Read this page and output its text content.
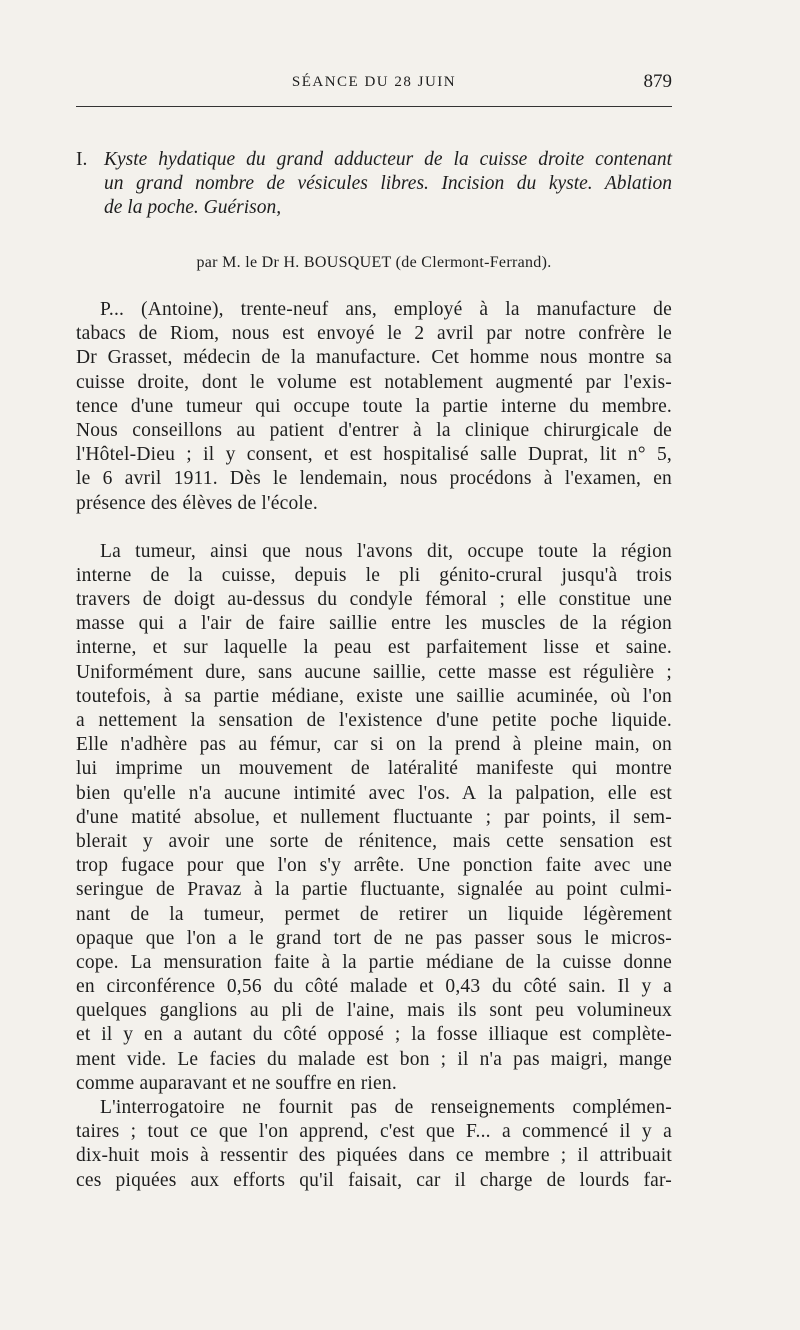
SÉANCE DU 28 JUIN	879
I. Kyste hydatique du grand adducteur de la cuisse droite contenant
un grand nombre de vésicules libres. Incision du kyste. Ablation
de la poche. Guérison,
par M. le Dr H. BOUSQUET (de Clermont-Ferrand).
P... (Antoine), trente-neuf ans, employé à la manufacture de
tabacs de Riom, nous est envoyé le 2 avril par notre confrère le
Dr Grasset, médecin de la manufacture. Cet homme nous montre sa
cuisse droite, dont le volume est notablement augmenté par l'exis-
tence d'une tumeur qui occupe toute la partie interne du membre.
Nous conseillons au patient d'entrer à la clinique chirurgicale de
l'Hôtel-Dieu ; il y consent, et est hospitalisé salle Duprat, lit n° 5,
le 6 avril 1911. Dès le lendemain, nous procédons à l'examen, en
présence des élèves de l'école.
La tumeur, ainsi que nous l'avons dit, occupe toute la région
interne de la cuisse, depuis le pli génito-crural jusqu'à trois
travers de doigt au-dessus du condyle fémoral ; elle constitue une
masse qui a l'air de faire saillie entre les muscles de la région
interne, et sur laquelle la peau est parfaitement lisse et saine.
Uniformément dure, sans aucune saillie, cette masse est régulière ;
toutefois, à sa partie médiane, existe une saillie acuminée, où l'on
a nettement la sensation de l'existence d'une petite poche liquide.
Elle n'adhère pas au fémur, car si on la prend à pleine main, on
lui imprime un mouvement de latéralité manifeste qui montre
bien qu'elle n'a aucune intimité avec l'os. A la palpation, elle est
d'une matité absolue, et nullement fluctuante ; par points, il sem-
blerait y avoir une sorte de rénitence, mais cette sensation est
trop fugace pour que l'on s'y arrête. Une ponction faite avec une
seringue de Pravaz à la partie fluctuante, signalée au point culmi-
nant de la tumeur, permet de retirer un liquide légèrement
opaque que l'on a le grand tort de ne pas passer sous le micros-
cope. La mensuration faite à la partie médiane de la cuisse donne
en circonférence 0,56 du côté malade et 0,43 du côté sain. Il y a
quelques ganglions au pli de l'aine, mais ils sont peu volumineux
et il y en a autant du côté opposé ; la fosse illiaque est complète-
ment vide. Le facies du malade est bon ; il n'a pas maigri, mange
comme auparavant et ne souffre en rien.
L'interrogatoire ne fournit pas de renseignements complémen-
taires ; tout ce que l'on apprend, c'est que F... a commencé il y a
dix-huit mois à ressentir des piquées dans ce membre ; il attribuait
ces piquées aux efforts qu'il faisait, car il charge de lourds far-
